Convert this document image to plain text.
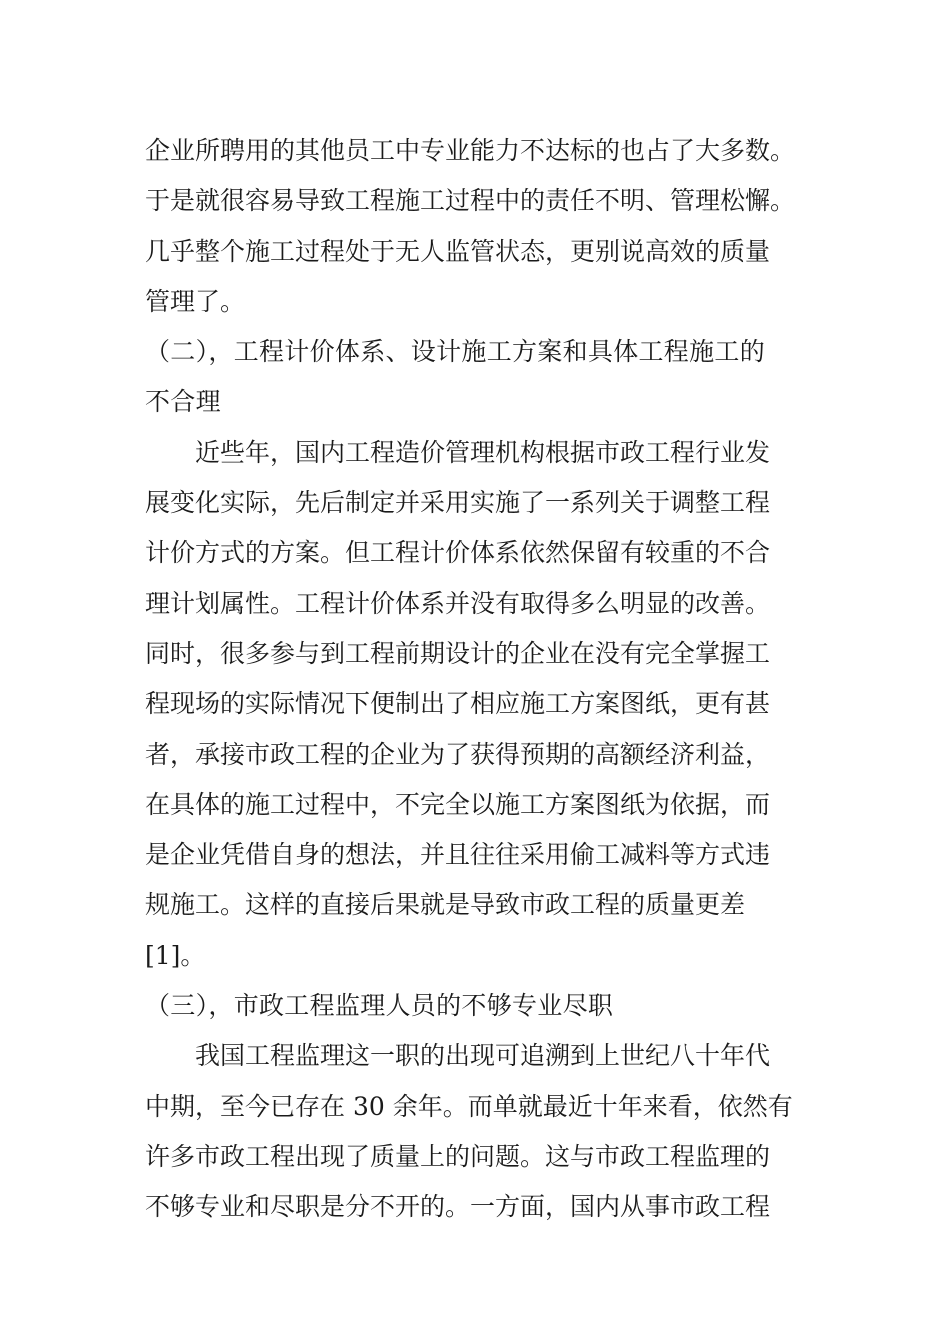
企业所聘用的其他员工中专业能力不达标的也占了大多数。
于是就很容易导致工程施工过程中的责任不明、管理松懈。
几乎整个施工过程处于无人监管状态，更别说高效的质量
管理了。
（二），工程计价体系、设计施工方案和具体工程施工的
不合理
近些年，国内工程造价管理机构根据市政工程行业发
展变化实际，先后制定并采用实施了一系列关于调整工程
计价方式的方案。但工程计价体系依然保留有较重的不合
理计划属性。工程计价体系并没有取得多么明显的改善。
同时，很多参与到工程前期设计的企业在没有完全掌握工
程现场的实际情况下便制出了相应施工方案图纸，更有甚
者，承接市政工程的企业为了获得预期的高额经济利益，
在具体的施工过程中，不完全以施工方案图纸为依据，而
是企业凭借自身的想法，并且往往采用偷工减料等方式违
规施工。这样的直接后果就是导致市政工程的质量更差
[1]。
（三），市政工程监理人员的不够专业尽职
我国工程监理这一职的出现可追溯到上世纪八十年代
中期，至今已存在 30 余年。而单就最近十年来看，依然有
许多市政工程出现了质量上的问题。这与市政工程监理的
不够专业和尽职是分不开的。一方面，国内从事市政工程
